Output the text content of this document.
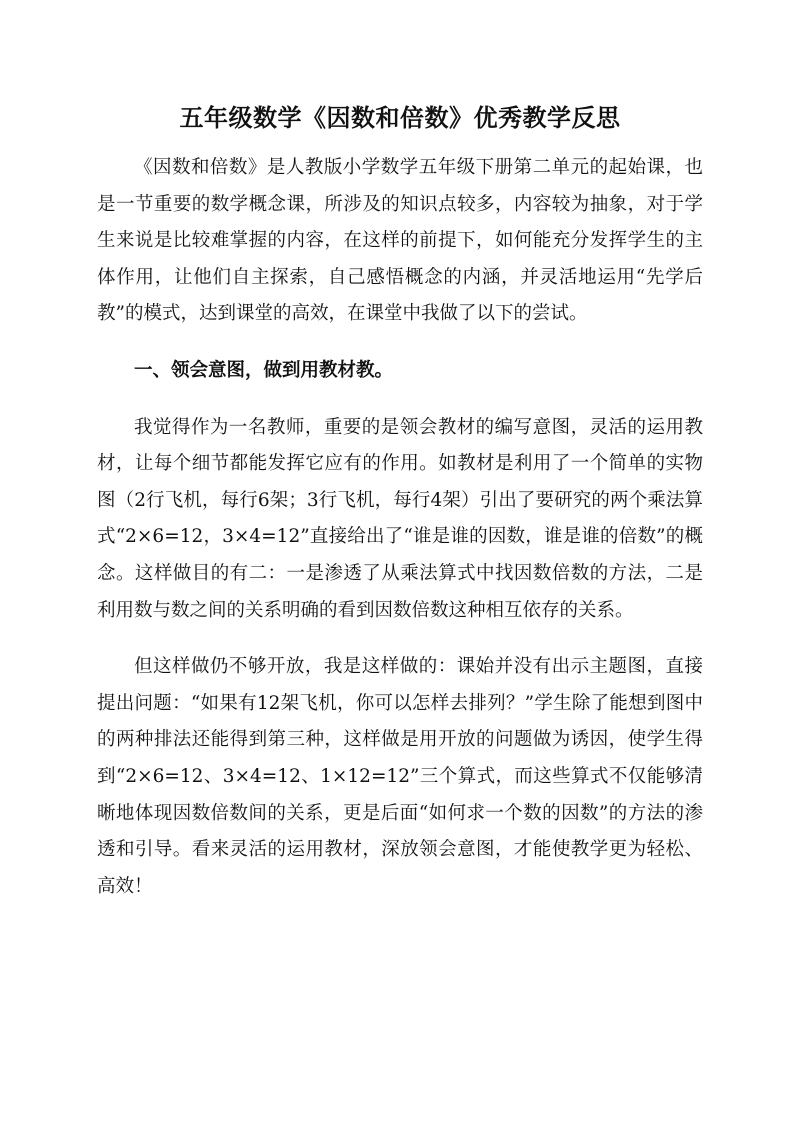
五年级数学《因数和倍数》优秀教学反思

《因数和倍数》是人教版小学数学五年级下册第二单元的起始课，也是一节重要的数学概念课，所涉及的知识点较多，内容较为抽象，对于学生来说是比较难掌握的内容，在这样的前提下，如何能充分发挥学生的主体作用，让他们自主探索，自己感悟概念的内涵，并灵活地运用“先学后教”的模式，达到课堂的高效，在课堂中我做了以下的尝试。

一、领会意图，做到用教材教。

我觉得作为一名教师，重要的是领会教材的编写意图，灵活的运用教材，让每个细节都能发挥它应有的作用。如教材是利用了一个简单的实物图（2行飞机，每行6架；3行飞机，每行4架）引出了要研究的两个乘法算式“2×6=12，3×4=12”直接给出了“谁是谁的因数，谁是谁的倍数”的概念。这样做目的有二：一是渗透了从乘法算式中找因数倍数的方法，二是利用数与数之间的关系明确的看到因数倍数这种相互依存的关系。

但这样做仍不够开放，我是这样做的：课始并没有出示主题图，直接提出问题：“如果有12架飞机，你可以怎样去排列？”学生除了能想到图中的两种排法还能得到第三种，这样做是用开放的问题做为诱因，使学生得到“2×6=12、3×4=12、1×12=12”三个算式，而这些算式不仅能够清晰地体现因数倍数间的关系，更是后面“如何求一个数的因数”的方法的渗透和引导。看来灵活的运用教材，深放领会意图，才能使教学更为轻松、高效！
